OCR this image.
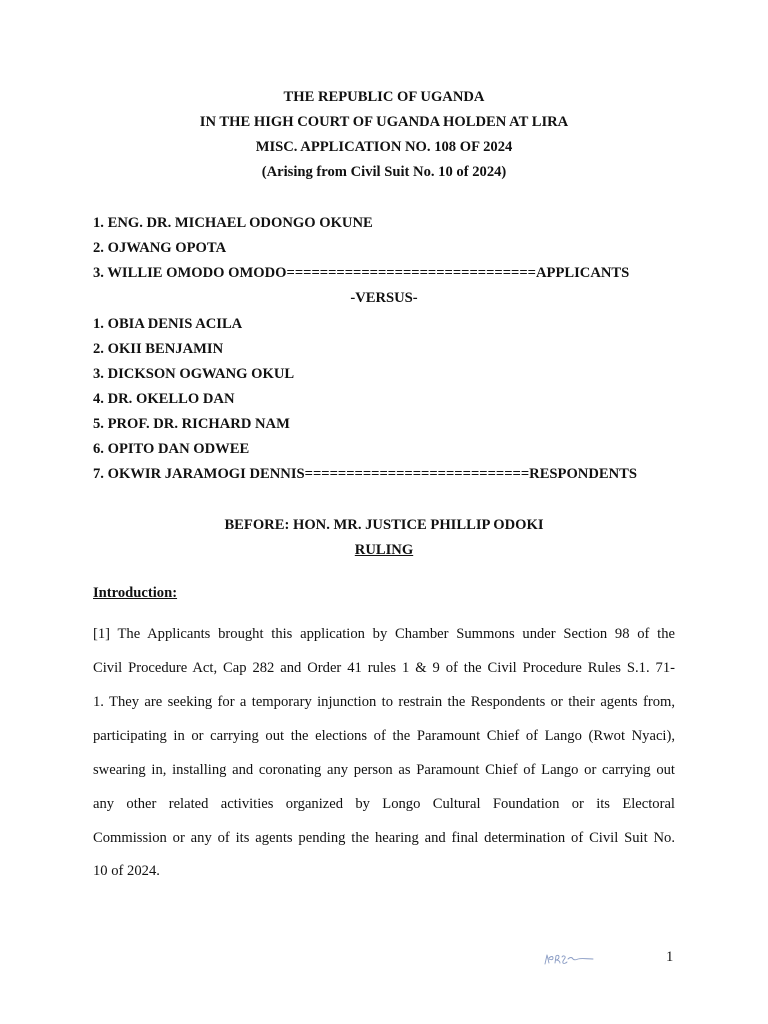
THE REPUBLIC OF UGANDA
IN THE HIGH COURT OF UGANDA HOLDEN AT LIRA
MISC. APPLICATION NO. 108 OF 2024
(Arising from Civil Suit No. 10 of 2024)
1. ENG. DR. MICHAEL ODONGO OKUNE
2. OJWANG OPOTA
3. WILLIE OMODO OMODO==============================APPLICANTS
-VERSUS-
1. OBIA DENIS ACILA
2. OKII BENJAMIN
3. DICKSON OGWANG OKUL
4. DR. OKELLO DAN
5. PROF. DR. RICHARD NAM
6. OPITO DAN ODWEE
7. OKWIR JARAMOGI DENNIS===========================RESPONDENTS
BEFORE: HON. MR. JUSTICE PHILLIP ODOKI
RULING
Introduction:
[1] The Applicants brought this application by Chamber Summons under Section 98 of the
Civil Procedure Act, Cap 282 and Order 41 rules 1 & 9 of the Civil Procedure Rules S.1. 71-
1. They are seeking for a temporary injunction to restrain the Respondents or their agents from,
participating in or carrying out the elections of the Paramount Chief of Lango (Rwot Nyaci),
swearing in, installing and coronating any person as Paramount Chief of Lango or carrying out
any other related activities organized by Longo Cultural Foundation or its Electoral
Commission or any of its agents pending the hearing and final determination of Civil Suit No.
10 of 2024.
1
